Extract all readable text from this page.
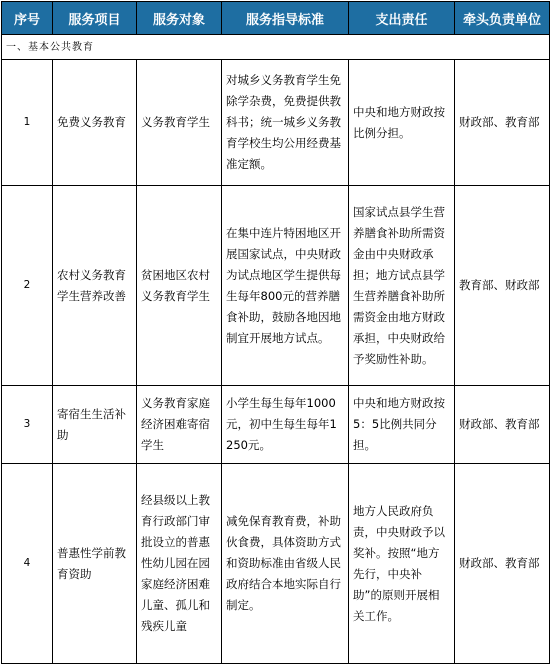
序号	服务项目	服务对象	服务指导标准	支出责任	牵头负责单位
一、基本公共教育					
1	免费义务教育	义务教育学生	对城乡义务教育学生免除学杂费，免费提供教科书；统一城乡义务教育学校生均公用经费基准定额。	中央和地方财政按比例分担。	财政部、教育部
2	农村义务教育学生营养改善	贫困地区农村义务教育学生	在集中连片特困地区开展国家试点，中央财政为试点地区学生提供每生每年800元的营养膳食补助，鼓励各地因地制宜开展地方试点。	国家试点县学生营养膳食补助所需资金由中央财政承担；地方试点县学生营养膳食补助所需资金由地方财政承担，中央财政给予奖励性补助。	教育部、财政部
3	寄宿生生活补助	义务教育家庭经济困难寄宿学生	小学生每生每年1000元，初中生每生每年1250元。	中央和地方财政按5：5比例共同分担。	财政部、教育部
4	普惠性学前教育资助	经县级以上教育行政部门审批设立的普惠性幼儿园在园家庭经济困难儿童、孤儿和残疾儿童	减免保育教育费，补助伙食费，具体资助方式和资助标准由省级人民政府结合本地实际自行制定。	地方人民政府负责，中央财政予以奖补。按照“地方先行，中央补助”的原则开展相关工作。	财政部、教育部
